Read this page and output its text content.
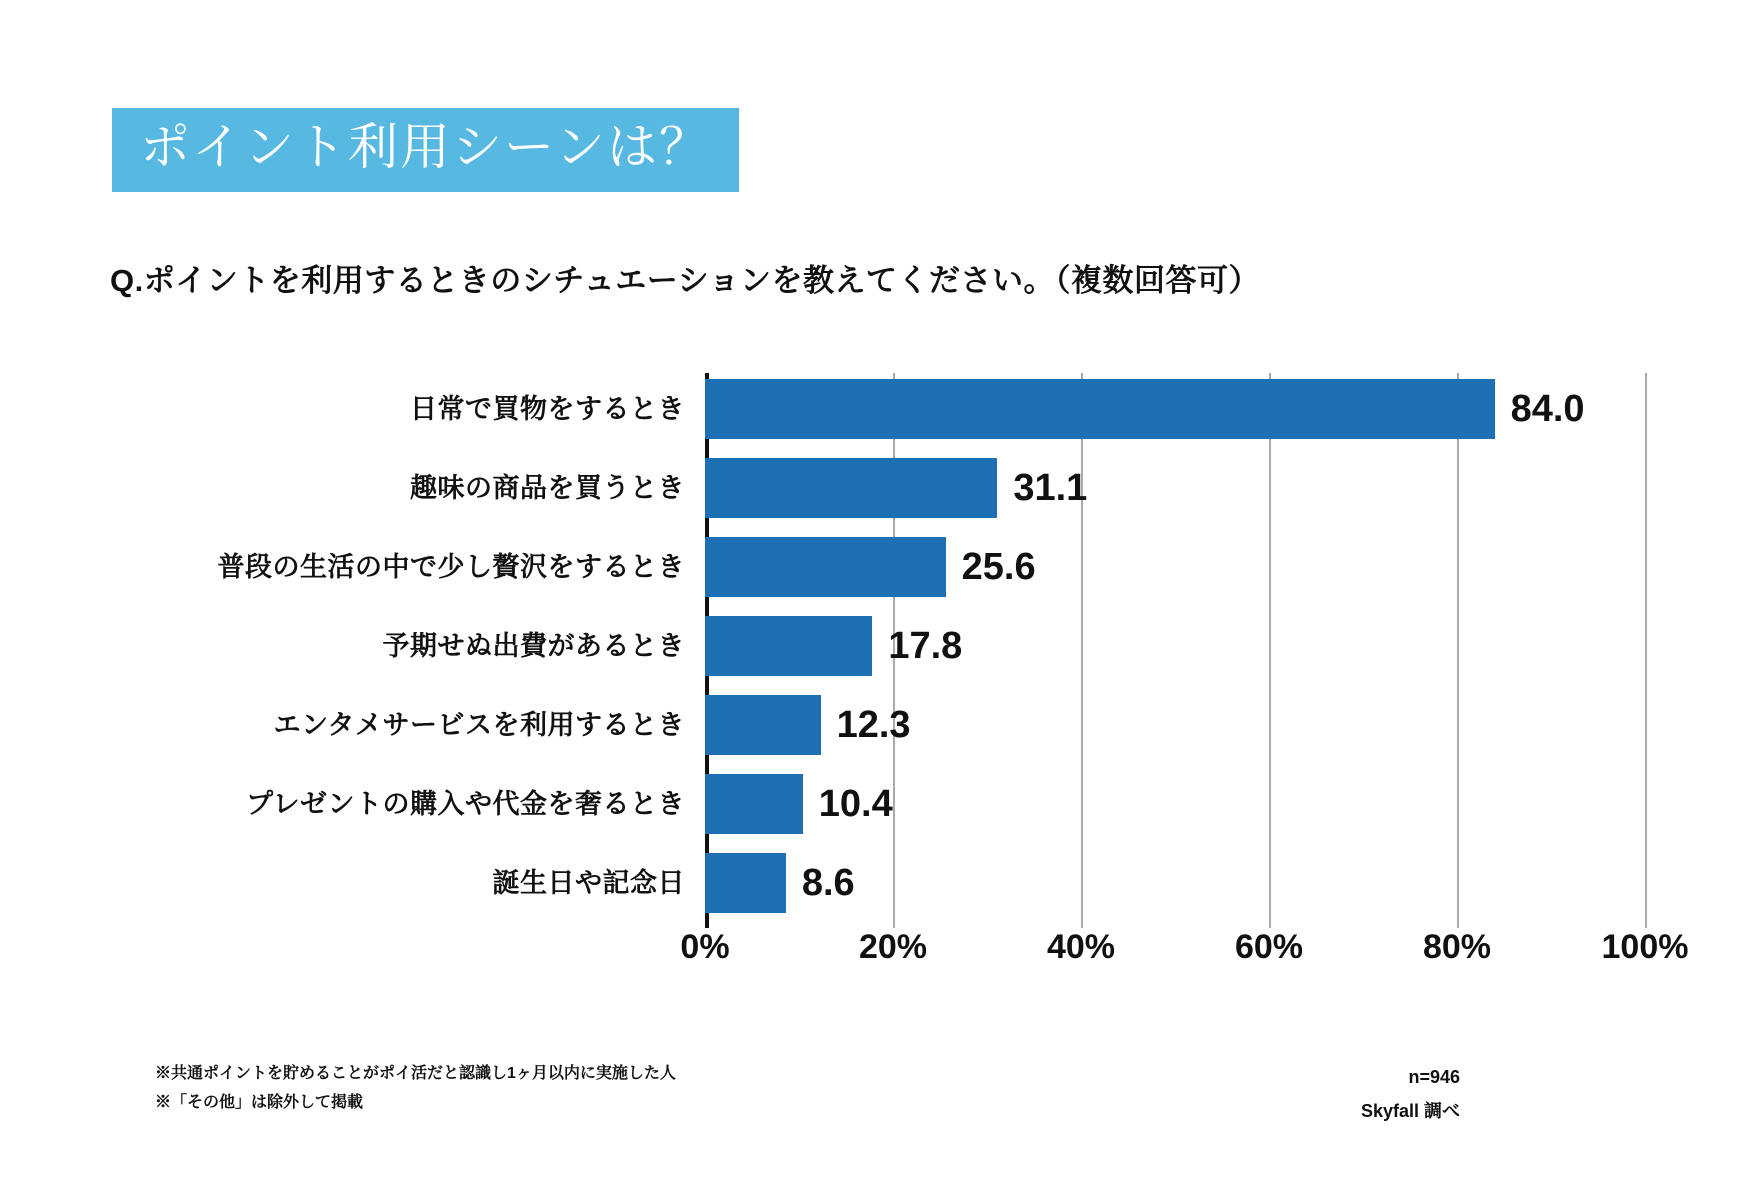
ポイント利用シーンは？
Q.ポイントを利用するときのシチュエーションを教えてください。（複数回答可）
84.0
日常で買物をするとき
31.1
趣味の商品を買うとき
25.6
普段の生活の中で少し贅沢をするとき
17.8
予期せぬ出費があるとき
12.3
エンタメサービスを利用するとき
10.4
プレゼントの購入や代金を奢るとき
8.6
誕生日や記念日
0%	20%	40%	60%	80%	100%
※共通ポイントを貯めることがポイ活だと認識し1ヶ月以内に実施した人
※「その他」は除外して掲載
n=946
Skyfall 調べ
